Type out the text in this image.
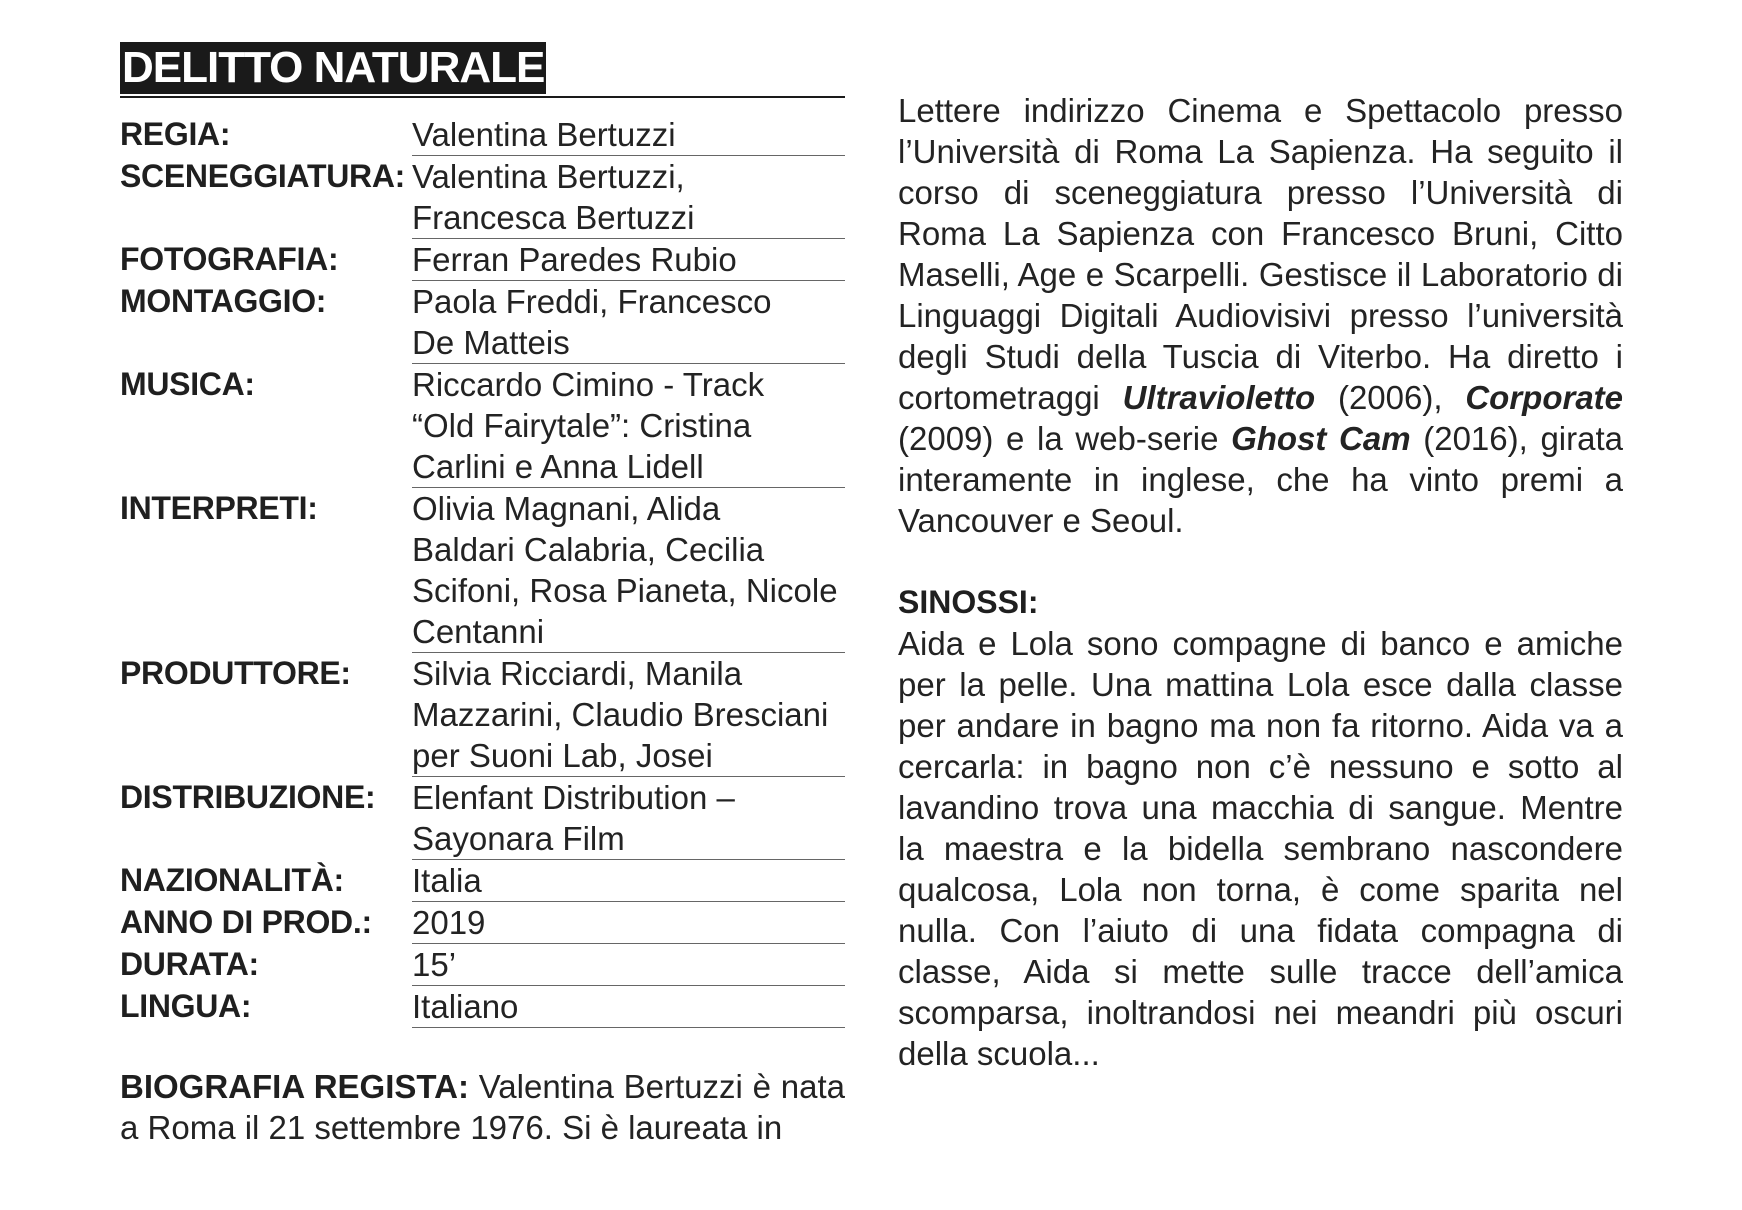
DELITTO NATURALE
REGIA:	Valentina Bertuzzi
SCENEGGIATURA: Valentina Bertuzzi,
Francesca Bertuzzi
FOTOGRAFIA:	Ferran Paredes Rubio
MONTAGGIO:	Paola Freddi, Francesco
De Matteis
MUSICA:	Riccardo Cimino - Track
“Old Fairytale”: Cristina
Carlini e Anna Lidell
INTERPRETI:	Olivia Magnani, Alida
Baldari Calabria, Cecilia
Scifoni, Rosa Pianeta, Nicole
Centanni
PRODUTTORE:	Silvia Ricciardi, Manila
Mazzarini, Claudio Bresciani
per Suoni Lab, Josei
DISTRIBUZIONE:	Elenfant Distribution –
Sayonara Film
NAZIONALITÀ:	Italia
ANNO DI PROD.:	2019
DURATA:	15’
LINGUA:	Italiano
BIOGRAFIA REGISTA: Valentina Bertuzzi è nata a Roma il 21 settembre 1976. Si è laureata in
Lettere indirizzo Cinema e Spettacolo presso l’Università di Roma La Sapienza. Ha seguito il corso di sceneggiatura presso l’Università di Roma La Sapienza con Francesco Bruni, Citto Maselli, Age e Scarpelli. Gestisce il Laboratorio di Linguaggi Digitali Audiovisivi presso l’università degli Studi della Tuscia di Viterbo. Ha diretto i cortometraggi Ultravioletto (2006), Corporate (2009) e la web-serie Ghost Cam (2016), girata interamente in inglese, che ha vinto premi a Vancouver e Seoul.
SINOSSI:
Aida e Lola sono compagne di banco e amiche per la pelle. Una mattina Lola esce dalla classe per andare in bagno ma non fa ritorno. Aida va a cercarla: in bagno non c’è nessuno e sotto al lavandino trova una macchia di sangue. Mentre la maestra e la bidella sembrano nascondere qualcosa, Lola non torna, è come sparita nel nulla. Con l’aiuto di una fidata compagna di classe, Aida si mette sulle tracce dell’amica scomparsa, inoltrandosi nei meandri più oscuri della scuola...
